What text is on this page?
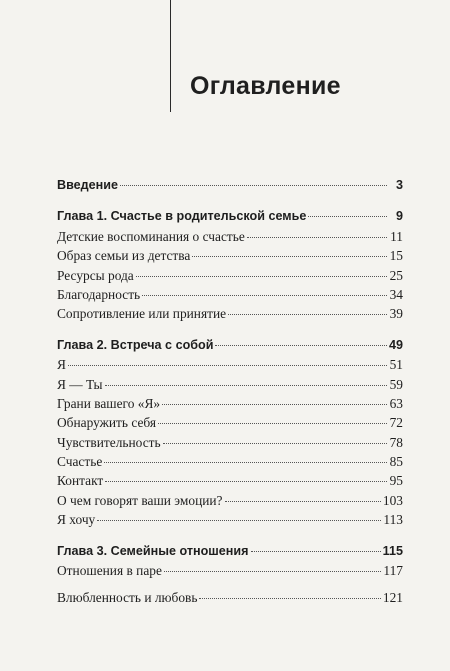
Оглавление
Введение	3
Глава 1. Счастье в родительской семье	9
Детские воспоминания о счастье	11
Образ семьи из детства	15
Ресурсы рода	25
Благодарность	34
Сопротивление или принятие	39
Глава 2. Встреча с собой	49
Я	51
Я — Ты	59
Грани вашего «Я»	63
Обнаружить себя	72
Чувствительность	78
Счастье	85
Контакт	95
О чем говорят ваши эмоции?	103
Я хочу	113
Глава 3. Семейные отношения	115
Отношения в паре	117
Влюбленность и любовь	121
